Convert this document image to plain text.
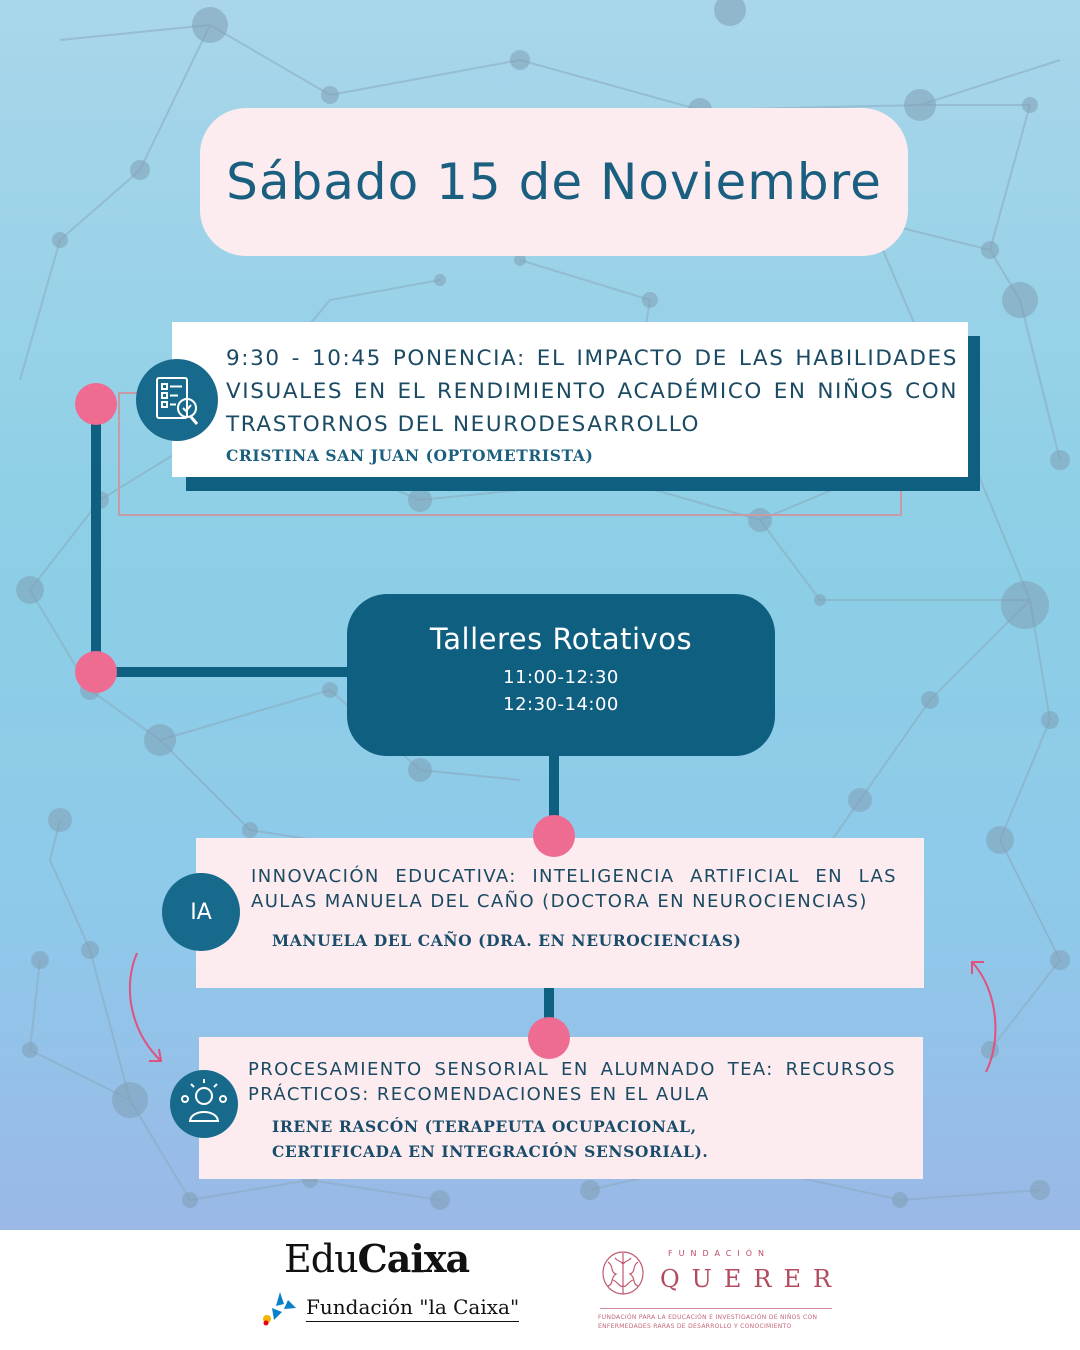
Sábado 15 de Noviembre
9:30 - 10:45 PONENCIA: EL IMPACTO DE LAS HABILIDADES VISUALES EN EL RENDIMIENTO ACADÉMICO EN NIÑOS CON TRASTORNOS DEL NEURODESARROLLO
CRISTINA SAN JUAN (OPTOMETRISTA)
Talleres Rotativos
11:00-12:30
12:30-14:00
INNOVACIÓN EDUCATIVA: INTELIGENCIA ARTIFICIAL EN LAS AULAS MANUELA DEL CAÑO (DOCTORA EN NEUROCIENCIAS)
MANUELA DEL CAÑO (DRA. EN NEUROCIENCIAS)
IA
PROCESAMIENTO SENSORIAL EN ALUMNADO TEA: RECURSOS PRÁCTICOS: RECOMENDACIONES EN EL AULA
IRENE RASCÓN (TERAPEUTA OCUPACIONAL, CERTIFICADA EN INTEGRACIÓN SENSORIAL).
EduCaixa
Fundación "la Caixa"
FUNDACIÓN
QUERER
FUNDACIÓN PARA LA EDUCACIÓN E INVESTIGACIÓN DE NIÑOS CON ENFERMEDADES RARAS DE DESARROLLO Y CONOCIMIENTO
